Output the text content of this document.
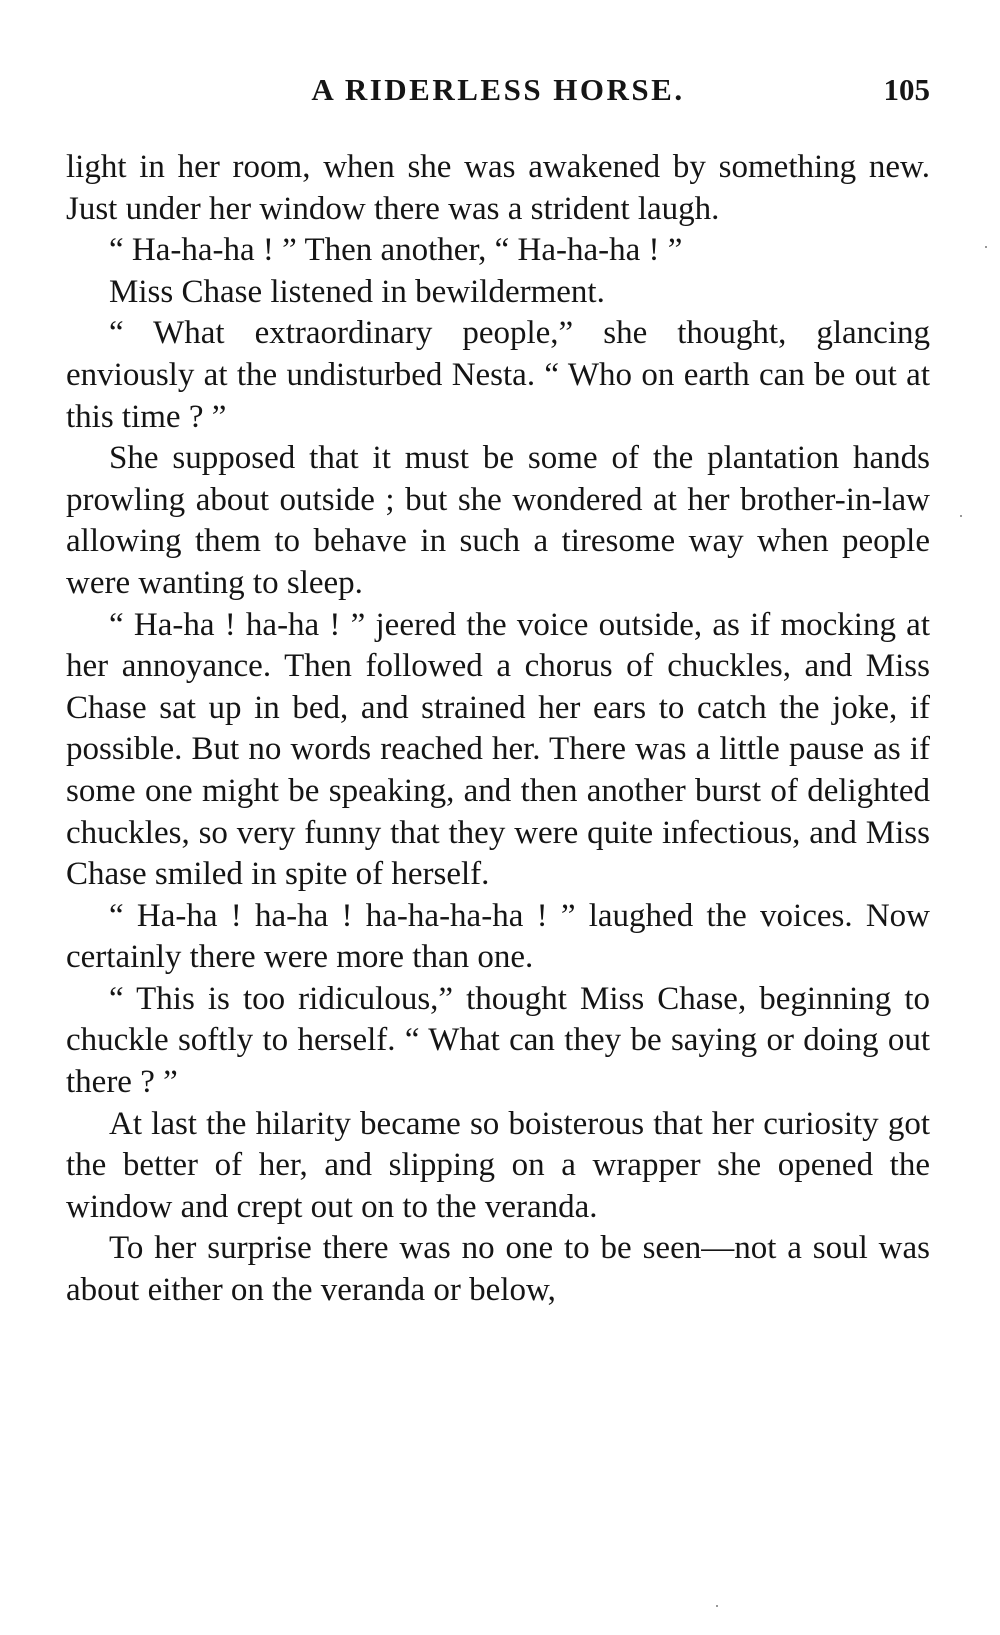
A RIDERLESS HORSE.	105

light in her room, when she was awakened by something new. Just under her window there was a strident laugh.

“ Ha-ha-ha ! ” Then another, “ Ha-ha-ha ! ”

Miss Chase listened in bewilderment.

“ What extraordinary people,” she thought, glancing enviously at the undisturbed Nesta. “ Who on earth can be out at this time ? ”

She supposed that it must be some of the plantation hands prowling about outside ; but she wondered at her brother-in-law allowing them to behave in such a tiresome way when people were wanting to sleep.

“ Ha-ha ! ha-ha ! ” jeered the voice outside, as if mocking at her annoyance. Then followed a chorus of chuckles, and Miss Chase sat up in bed, and strained her ears to catch the joke, if possible. But no words reached her. There was a little pause as if some one might be speaking, and then another burst of delighted chuckles, so very funny that they were quite infectious, and Miss Chase smiled in spite of herself.

“ Ha-ha ! ha-ha ! ha-ha-ha-ha ! ” laughed the voices. Now certainly there were more than one.

“ This is too ridiculous,” thought Miss Chase, beginning to chuckle softly to herself. “ What can they be saying or doing out there ? ”

At last the hilarity became so boisterous that her curiosity got the better of her, and slipping on a wrapper she opened the window and crept out on to the veranda.

To her surprise there was no one to be seen—not a soul was about either on the veranda or below,
